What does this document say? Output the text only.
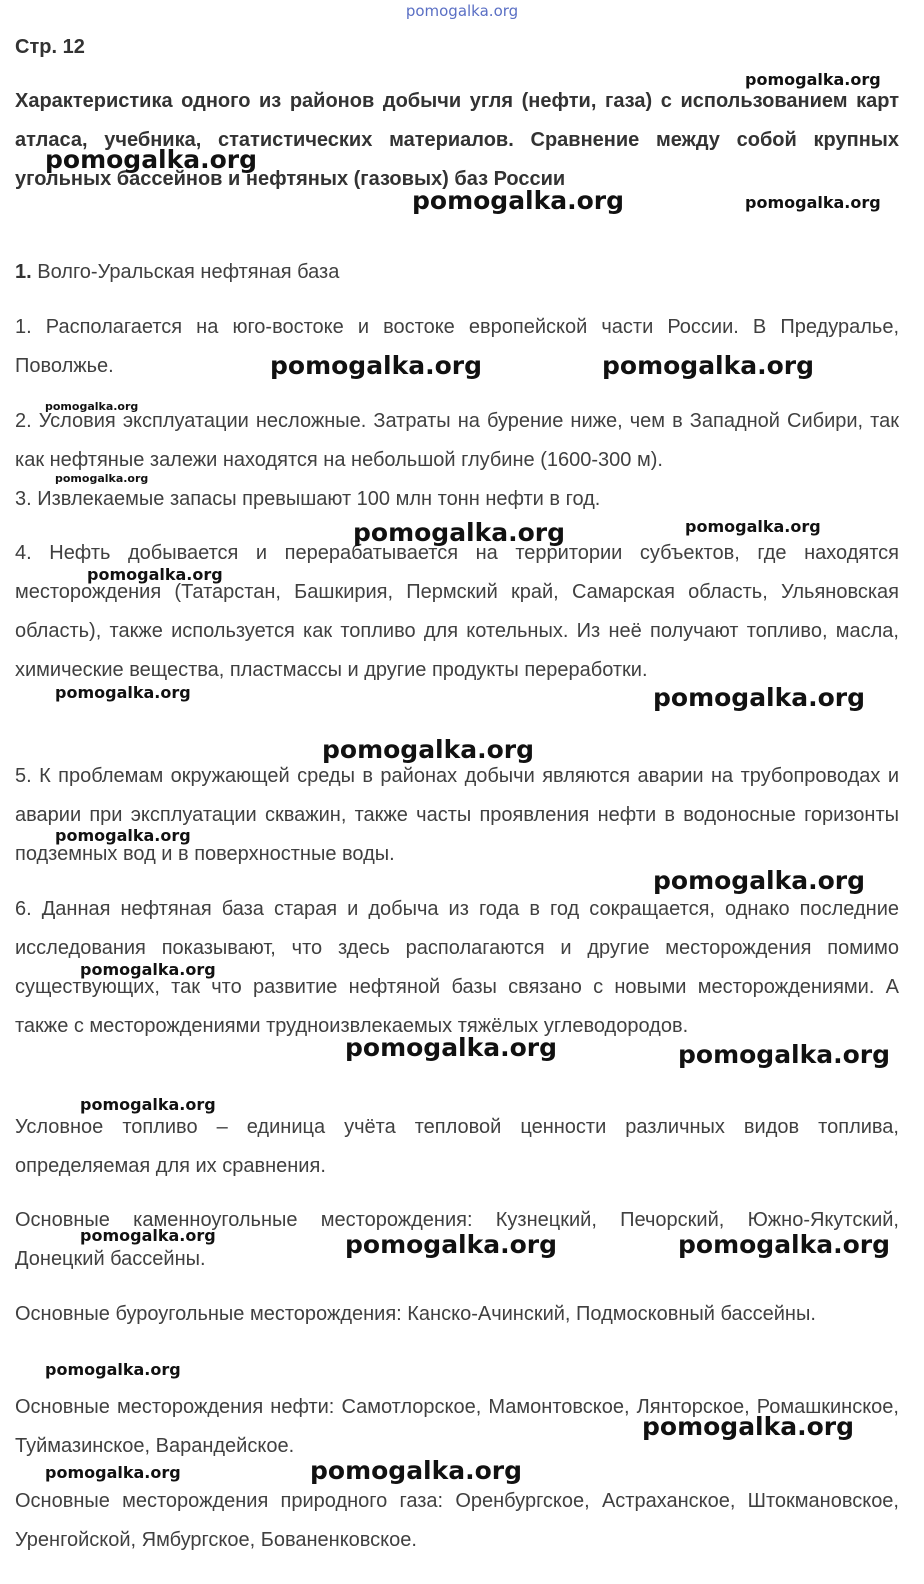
pomogalka.org

Стр. 12

Характеристика одного из районов добычи угля (нефти, газа) с использованием карт атласа, учебника, статистических материалов. Сравнение между собой крупных угольных бассейнов и нефтяных (газовых) баз России

1. Волго-Уральская нефтяная база

1. Располагается на юго-востоке и востоке европейской части России. В Предуралье, Поволжье.

2. Условия эксплуатации несложные. Затраты на бурение ниже, чем в Западной Сибири, так как нефтяные залежи находятся на небольшой глубине (1600-300 м).

3. Извлекаемые запасы превышают 100 млн тонн нефти в год.

4. Нефть добывается и перерабатывается на территории субъектов, где находятся месторождения (Татарстан, Башкирия, Пермский край, Самарская область, Ульяновская область), также используется как топливо для котельных. Из неё получают топливо, масла, химические вещества, пластмассы и другие продукты переработки.

5. К проблемам окружающей среды в районах добычи являются аварии на трубопроводах и аварии при эксплуатации скважин, также часты проявления нефти в водоносные горизонты подземных вод и в поверхностные воды.

6. Данная нефтяная база старая и добыча из года в год сокращается, однако последние исследования показывают, что здесь располагаются и другие месторождения помимо существующих, так что развитие нефтяной базы связано с новыми месторождениями. А также с месторождениями трудноизвлекаемых тяжёлых углеводородов.

Условное топливо – единица учёта тепловой ценности различных видов топлива, определяемая для их сравнения.

Основные каменноугольные месторождения: Кузнецкий, Печорский, Южно-Якутский, Донецкий бассейны.

Основные буроугольные месторождения: Канско-Ачинский, Подмосковный бассейны.

Основные месторождения нефти: Самотлорское, Мамонтовское, Лянторское, Ромашкинское, Туймазинское, Варандейское.

Основные месторождения природного газа: Оренбургское, Астраханское, Штокмановское, Уренгойской, Ямбургское, Бованенковское.

pomogalka.org
pomogalka.org
pomogalka.org	pomogalka.org
pomogalka.org	pomogalka.org
pomogalka.org
pomogalka.org
pomogalka.org	pomogalka.org
pomogalka.org
pomogalka.org	pomogalka.org
pomogalka.org
pomogalka.org
pomogalka.org
pomogalka.org
pomogalka.org	pomogalka.org
pomogalka.org
pomogalka.org	pomogalka.org	pomogalka.org
pomogalka.org
pomogalka.org
pomogalka.org	pomogalka.org
